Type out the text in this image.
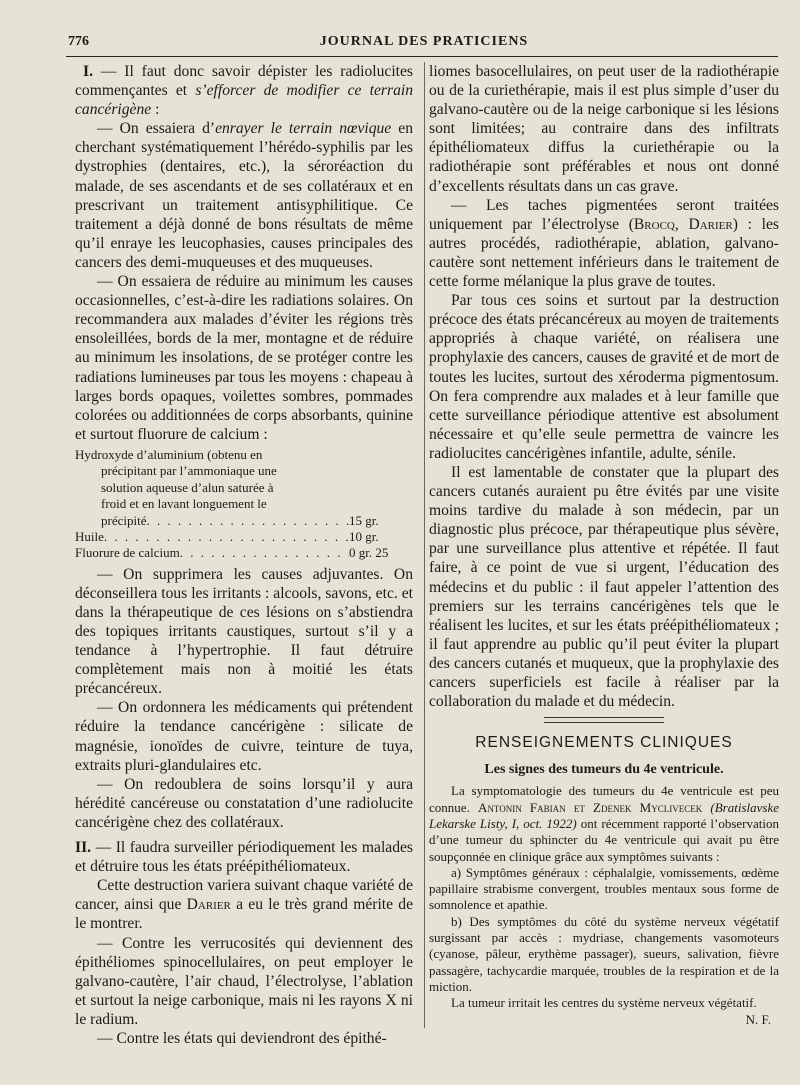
776	JOURNAL DES PRATICIENS

I. — Il faut donc savoir dépister les radiolucites commençantes et s’efforcer de modifier ce terrain cancérigène :

— On essaiera d’enrayer le terrain nœvique en cherchant systématiquement l’hérédo-syphilis par les dystrophies (dentaires, etc.), la séroréaction du malade, de ses ascendants et de ses collatéraux et en prescrivant un traitement antisyphilitique. Ce traitement a déjà donné de bons résultats de même qu’il enraye les leucophasies, causes principales des cancers des demi-muqueuses et des muqueuses.

— On essaiera de réduire au minimum les causes occasionnelles, c’est-à-dire les radiations solaires. On recommandera aux malades d’éviter les régions très ensoleillées, bords de la mer, montagne et de réduire au minimum les insolations, de se protéger contre les radiations lumineuses par tous les moyens : chapeau à larges bords opaques, voilettes sombres, pommades colorées ou additionnées de corps absorbants, quinine et surtout fluorure de calcium :

Hydroxyde d’aluminium (obtenu en
précipitant par l’ammoniaque une
solution aqueuse d’alun saturée à
froid et en lavant longuement le
précipité . . .	15 gr.
Huile . . .	10 gr.
Fluorure de calcium . . .	0 gr. 25

— On supprimera les causes adjuvantes. On déconseillera tous les irritants : alcools, savons, etc. et dans la thérapeutique de ces lésions on s’abstiendra des topiques irritants caustiques, surtout s’il y a tendance à l’hypertrophie. Il faut détruire complètement mais non à moitié les états précancéreux.

— On ordonnera les médicaments qui prétendent réduire la tendance cancérigène : silicate de magnésie, ionoïdes de cuivre, teinture de tuya, extraits pluri-glandulaires etc.

— On redoublera de soins lorsqu’il y aura hérédité cancéreuse ou constatation d’une radiolucite cancérigène chez des collatéraux.

II. — Il faudra surveiller périodiquement les malades et détruire tous les états préépithéliomateux.

Cette destruction variera suivant chaque variété de cancer, ainsi que Darier a eu le très grand mérite de le montrer.

— Contre les verrucosités qui deviennent des épithéliomes spinocellulaires, on peut employer le galvano-cautère, l’air chaud, l’électrolyse, l’ablation et surtout la neige carbonique, mais ni les rayons X ni le radium.

— Contre les états qui deviendront des épithé-

liomes basocellulaires, on peut user de la radiothérapie ou de la curiethérapie, mais il est plus simple d’user du galvano-cautère ou de la neige carbonique si les lésions sont limitées; au contraire dans des infiltrats épithéliomateux diffus la curiethérapie ou la radiothérapie sont préférables et nous ont donné d’excellents résultats dans un cas grave.

— Les taches pigmentées seront traitées uniquement par l’électrolyse (Brocq, Darier) : les autres procédés, radiothérapie, ablation, galvano-cautère sont nettement inférieurs dans le traitement de cette forme mélanique la plus grave de toutes.

Par tous ces soins et surtout par la destruction précoce des états précancéreux au moyen de traitements appropriés à chaque variété, on réalisera une prophylaxie des cancers, causes de gravité et de mort de toutes les lucites, surtout des xéroderma pigmentosum. On fera comprendre aux malades et à leur famille que cette surveillance périodique attentive est absolument nécessaire et qu’elle seule permettra de vaincre les radiolucites cancérigènes infantile, adulte, sénile.

Il est lamentable de constater que la plupart des cancers cutanés auraient pu être évités par une visite moins tardive du malade à son médecin, par un diagnostic plus précoce, par thérapeutique plus sévère, par une surveillance plus attentive et répétée. Il faut faire, à ce point de vue si urgent, l’éducation des médecins et du public : il faut appeler l’attention des premiers sur les terrains cancérigènes tels que le réalisent les lucites, et sur les états préépithéliomateux ; il faut apprendre au public qu’il peut éviter la plupart des cancers cutanés et muqueux, que la prophylaxie des cancers superficiels est facile à réaliser par la collaboration du malade et du médecin.

RENSEIGNEMENTS CLINIQUES
Les signes des tumeurs du 4e ventricule.

La symptomatologie des tumeurs du 4e ventricule est peu connue. Antonin Fabian et Zdenek Myclivecek (Bratislavske Lekarske Listy, I, oct. 1922) ont récemment rapporté l’observation d’une tumeur du sphincter du 4e ventricule qui avait pu être soupçonnée en clinique grâce aux symptômes suivants :

a) Symptômes généraux : céphalalgie, vomissements, œdème papillaire strabisme convergent, troubles mentaux sous forme de somnolence et apathie.

b) Des symptômes du côté du système nerveux végétatif surgissant par accès : mydriase, changements vasomoteurs (cyanose, pâleur, erythème passager), sueurs, salivation, fièvre passagère, tachycardie marquée, troubles de la respiration et de la miction.

La tumeur irritait les centres du système nerveux végétatif.

N. F.
